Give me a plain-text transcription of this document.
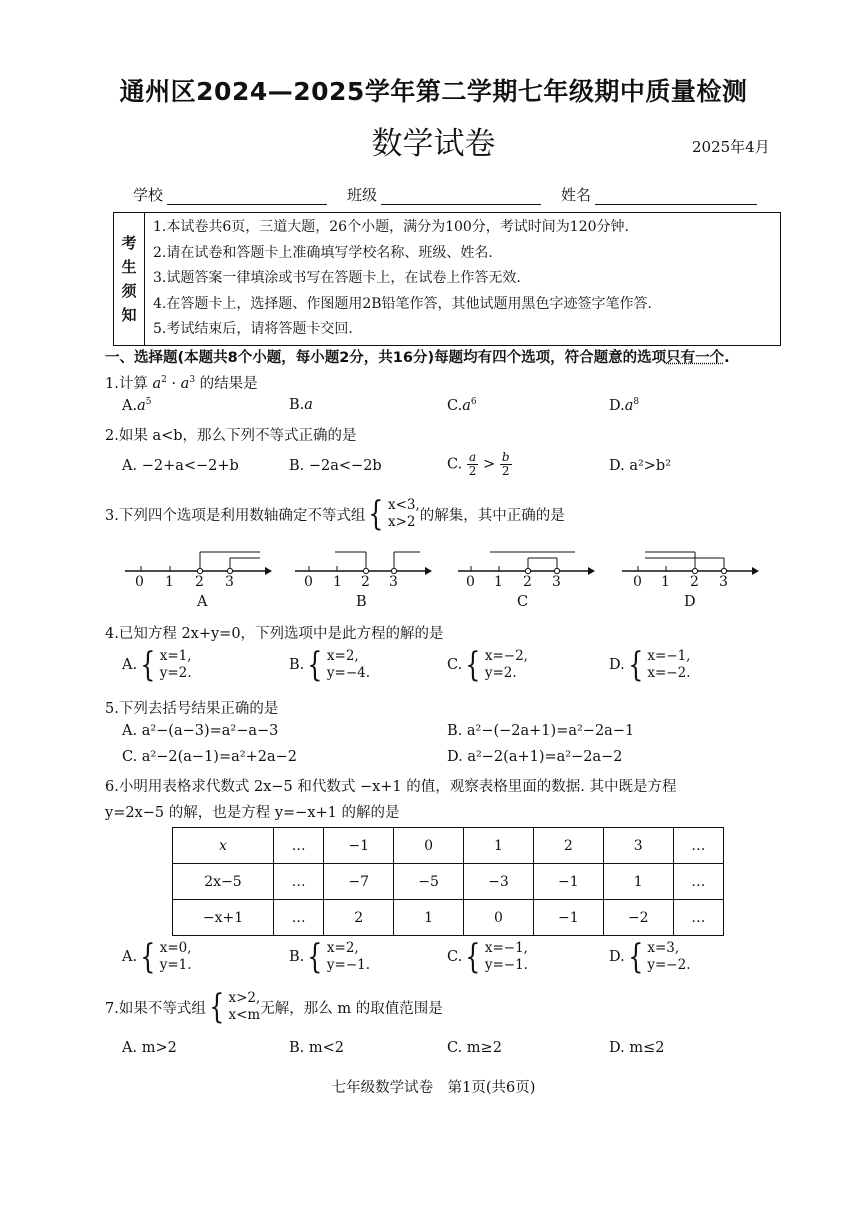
通州区2024—2025学年第二学期七年级期中质量检测
数学试卷	2025年4月
学校	班级	姓名
考
生
须
知

1.本试卷共6页，三道大题，26个小题，满分为100分，考试时间为120分钟.
2.请在试卷和答题卡上准确填写学校名称、班级、姓名.
3.试题答案一律填涂或书写在答题卡上，在试卷上作答无效.
4.在答题卡上，选择题、作图题用2B铅笔作答，其他试题用黑色字迹签字笔作答.
5.考试结束后，请将答题卡交回.
一、选择题(本题共8个小题，每小题2分，共16分)每题均有四个选项，符合题意的选项只有一个.
1.计算 $a^2 \cdot a^3$ 的结果是
$A.a^5$	B.a	$C.a^6$	$D.a^8$
2.如果 a<b，那么下列不等式正确的是
A. −2+a<−2+b	B. −2a<−2b	C. $\frac{a}{2} > \frac{b}{2}$	D. a²>b²
3.下列四个选项是利用数轴确定不等式组 { x<3,
x>2 的解集，其中正确的是
0 1 2 3	0 1 2 3	0 1 2 3	0 1 2 3
A	B	C	D
4.已知方程 2x+y=0，下列选项中是此方程的解的是
A. { x=1,
y=2.	B. { x=2,
y=−4.	C. { x=−2,
y=2.	D. { x=−1,
x=−2.
5.下列去括号结果正确的是
A. a²−(a−3)=a²−a−3	B. a²−(−2a+1)=a²−2a−1
C. a²−2(a−1)=a²+2a−2	D. a²−2(a+1)=a²−2a−2
6.小明用表格求代数式 2x−5 和代数式 −x+1 的值，观察表格里面的数据. 其中既是方程
y=2x−5 的解，也是方程 y=−x+1 的解的是
x	…	−1	0	1	2	3	…
2x−5	…	−7	−5	−3	−1	1	…
−x+1	…	2	1	0	−1	−2	…
A. { x=0,
y=1.	B. { x=2,
y=−1.	C. { x=−1,
y=−1.	D. { x=3,
y=−2.
7.如果不等式组 { x>2,
x<m 无解，那么 m 的取值范围是
A. m>2	B. m<2	C. m≥2	D. m≤2
七年级数学试卷　第1页(共6页)
